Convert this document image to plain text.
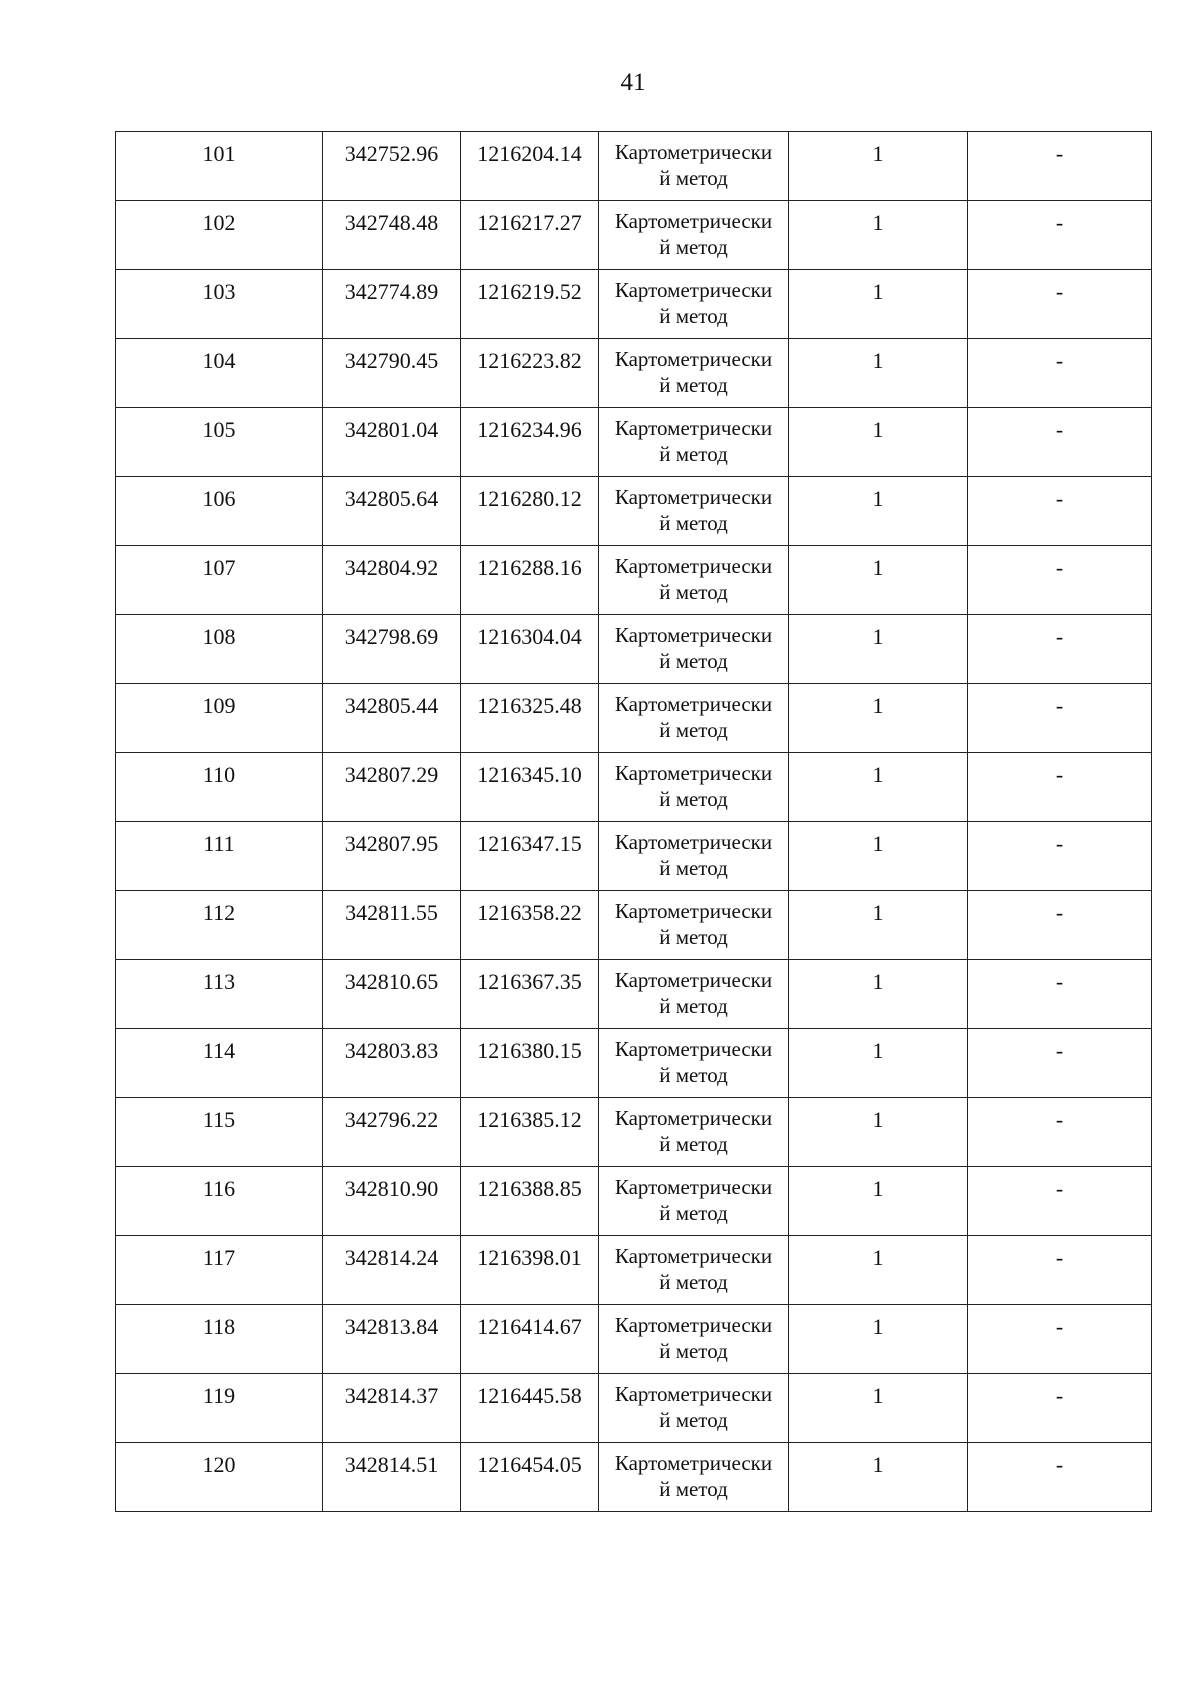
41
101	342752.96	1216204.14	Картометрически
й метод	1	-

102	342748.48	1216217.27	Картометрически
й метод	1	-

103	342774.89	1216219.52	Картометрически
й метод	1	-

104	342790.45	1216223.82	Картометрически
й метод	1	-

105	342801.04	1216234.96	Картометрически
й метод	1	-

106	342805.64	1216280.12	Картометрически
й метод	1	-

107	342804.92	1216288.16	Картометрически
й метод	1	-

108	342798.69	1216304.04	Картометрически
й метод	1	-

109	342805.44	1216325.48	Картометрически
й метод	1	-

110	342807.29	1216345.10	Картометрически
й метод	1	-

111	342807.95	1216347.15	Картометрически
й метод	1	-

112	342811.55	1216358.22	Картометрически
й метод	1	-

113	342810.65	1216367.35	Картометрически
й метод	1	-

114	342803.83	1216380.15	Картометрически
й метод	1	-

115	342796.22	1216385.12	Картометрически
й метод	1	-

116	342810.90	1216388.85	Картометрически
й метод	1	-

117	342814.24	1216398.01	Картометрически
й метод	1	-

118	342813.84	1216414.67	Картометрически
й метод	1	-

119	342814.37	1216445.58	Картометрически
й метод	1	-

120	342814.51	1216454.05	Картометрически
й метод	1	-
